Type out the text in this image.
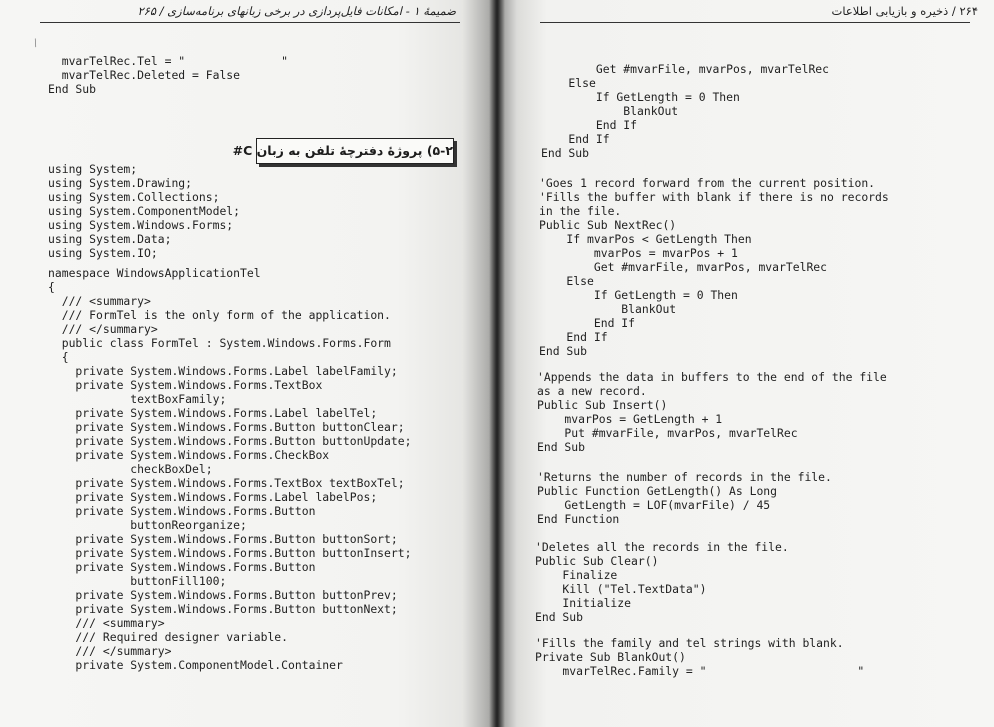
ضمیمهٔ ۱ - امکانات فایل‌پردازی در برخی زبانهای برنامه‌سازی / ۲۶۵
/
mvarTelRec.Tel = "              "
mvarTelRec.Deleted = False
End Sub
۵-۲) پروژهٔ دفترچهٔ تلفن به زبان C#
using System;
using System.Drawing;
using System.Collections;
using System.ComponentModel;
using System.Windows.Forms;
using System.Data;
using System.IO;
namespace WindowsApplicationTel
{
/// <summary>
/// FormTel is the only form of the application.
/// </summary>
public class FormTel : System.Windows.Forms.Form
{
private System.Windows.Forms.Label labelFamily;
private System.Windows.Forms.TextBox
textBoxFamily;
private System.Windows.Forms.Label labelTel;
private System.Windows.Forms.Button buttonClear;
private System.Windows.Forms.Button buttonUpdate;
private System.Windows.Forms.CheckBox
checkBoxDel;
private System.Windows.Forms.TextBox textBoxTel;
private System.Windows.Forms.Label labelPos;
private System.Windows.Forms.Button
buttonReorganize;
private System.Windows.Forms.Button buttonSort;
private System.Windows.Forms.Button buttonInsert;
private System.Windows.Forms.Button
buttonFill100;
private System.Windows.Forms.Button buttonPrev;
private System.Windows.Forms.Button buttonNext;
/// <summary>
/// Required designer variable.
/// </summary>
private System.ComponentModel.Container
۲۶۴ / ذخیره و بازیابی اطلاعات
Get #mvarFile, mvarPos, mvarTelRec
Else
If GetLength = 0 Then
BlankOut
End If
End If
End Sub
'Goes 1 record forward from the current position.
'Fills the buffer with blank if there is no records
in the file.
Public Sub NextRec()
If mvarPos < GetLength Then
mvarPos = mvarPos + 1
Get #mvarFile, mvarPos, mvarTelRec
Else
If GetLength = 0 Then
BlankOut
End If
End If
End Sub
'Appends the data in buffers to the end of the file
as a new record.
Public Sub Insert()
mvarPos = GetLength + 1
Put #mvarFile, mvarPos, mvarTelRec
End Sub
'Returns the number of records in the file.
Public Function GetLength() As Long
GetLength = LOF(mvarFile) / 45
End Function
'Deletes all the records in the file.
Public Sub Clear()
Finalize
Kill ("Tel.TextData")
Initialize
End Sub
'Fills the family and tel strings with blank.
Private Sub BlankOut()
mvarTelRec.Family = "                      "
